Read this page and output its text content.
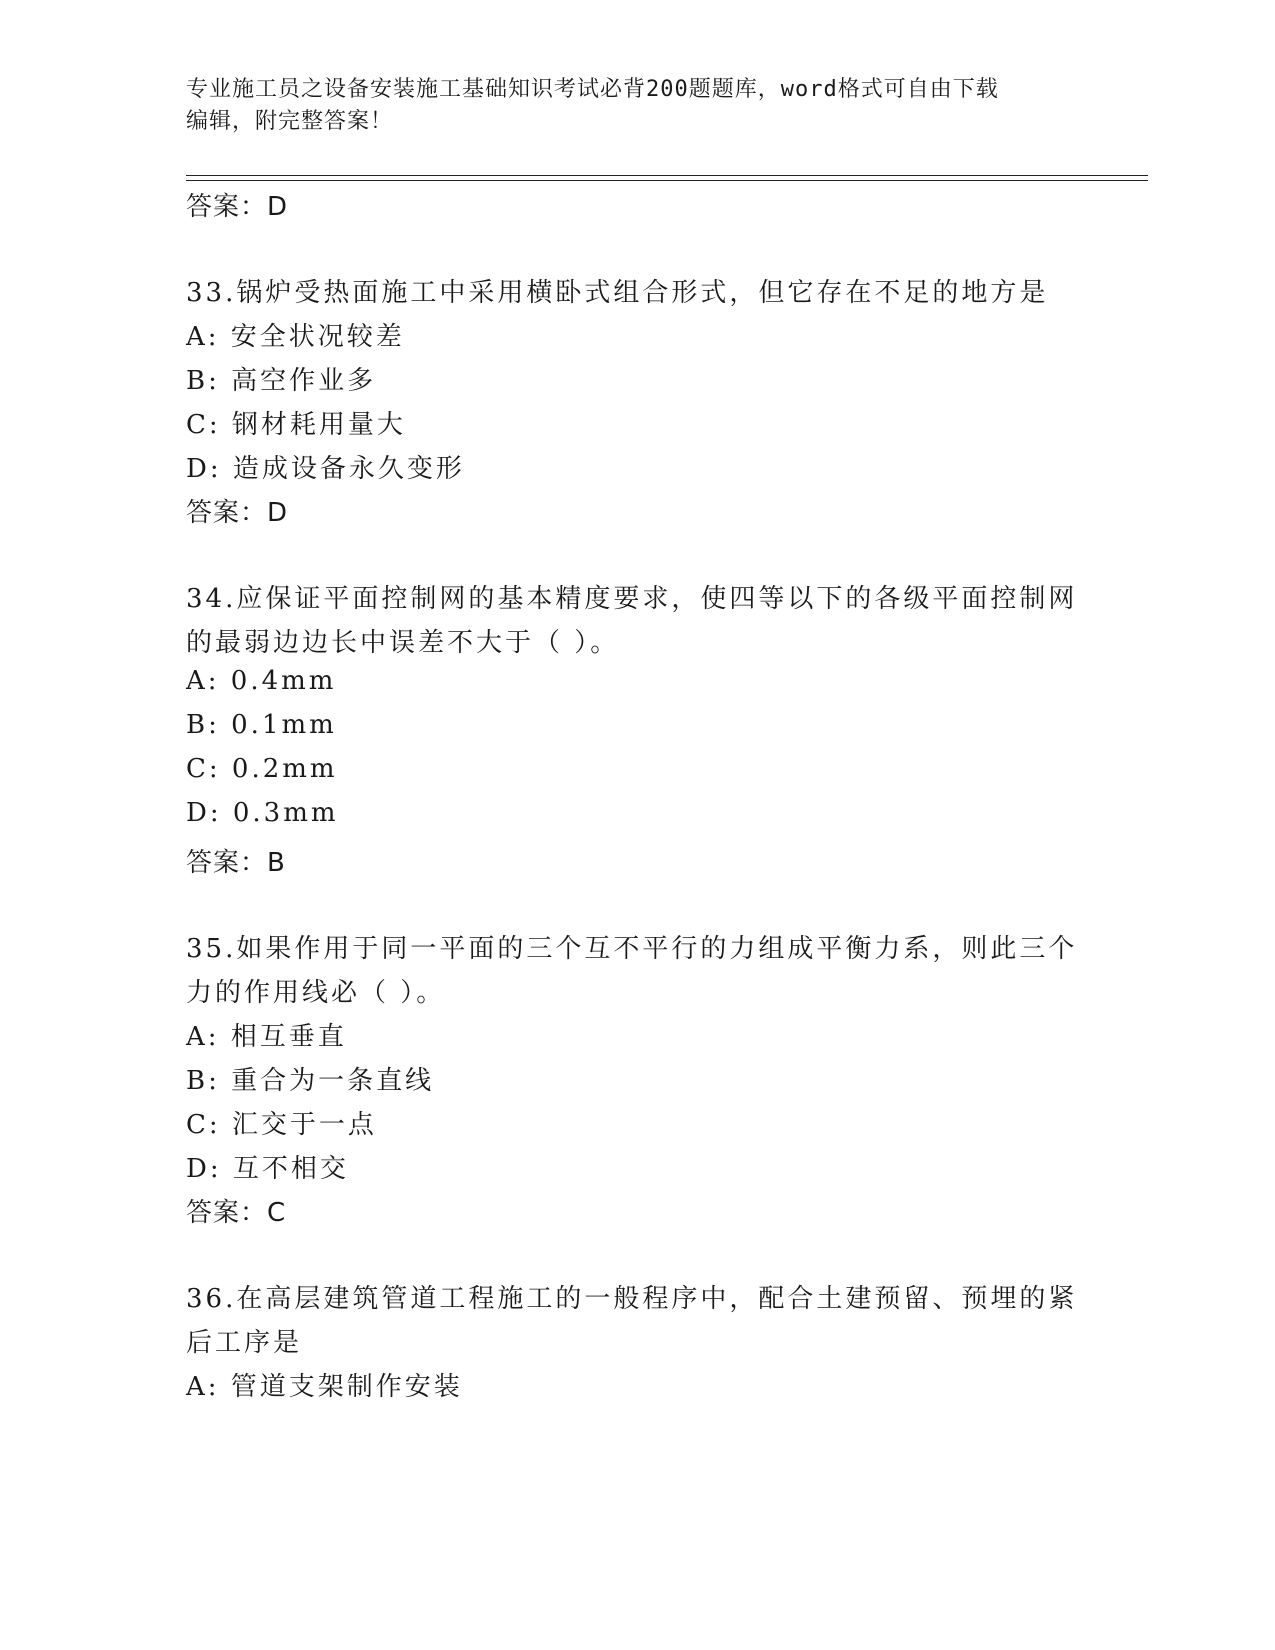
专业施工员之设备安装施工基础知识考试必背200题题库，word格式可自由下载
编辑，附完整答案！
答案：D
33.锅炉受热面施工中采用横卧式组合形式，但它存在不足的地方是
A: 安全状况较差
B: 高空作业多
C: 钢材耗用量大
D: 造成设备永久变形
答案：D
34.应保证平面控制网的基本精度要求，使四等以下的各级平面控制网
的最弱边边长中误差不大于（ ）。
A: 0.4mm
B: 0.1mm
C: 0.2mm
D: 0.3mm
答案：B
35.如果作用于同一平面的三个互不平行的力组成平衡力系，则此三个
力的作用线必（ ）。
A: 相互垂直
B: 重合为一条直线
C: 汇交于一点
D: 互不相交
答案：C
36.在高层建筑管道工程施工的一般程序中，配合土建预留、预埋的紧
后工序是
A: 管道支架制作安装
